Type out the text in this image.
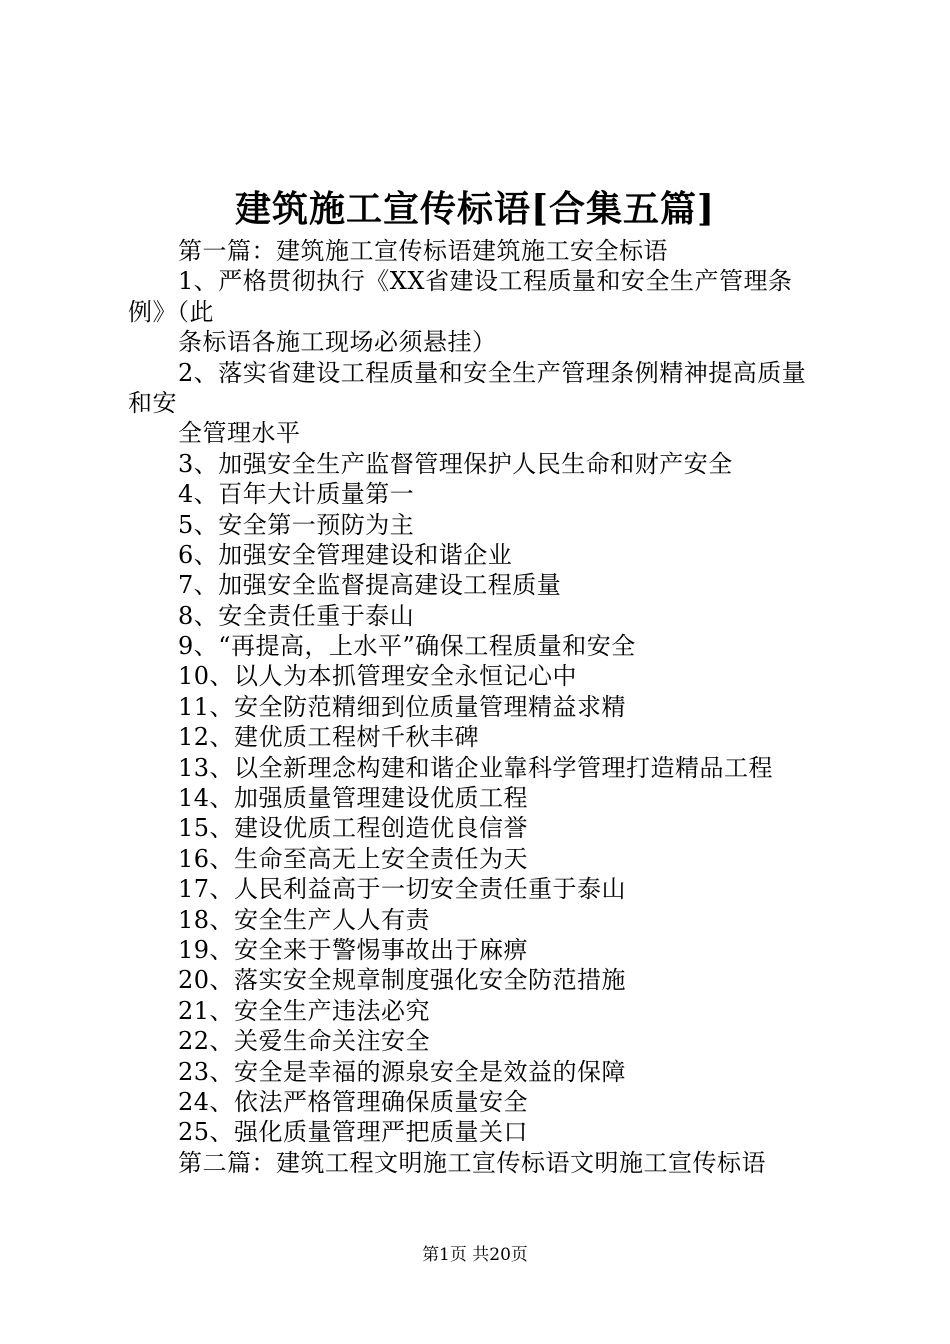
建筑施工宣传标语[合集五篇]
第一篇：建筑施工宣传标语建筑施工安全标语
1、严格贯彻执行《XX省建设工程质量和安全生产管理条
例》（此
条标语各施工现场必须悬挂）
2、落实省建设工程质量和安全生产管理条例精神提高质量
和安
全管理水平
3、加强安全生产监督管理保护人民生命和财产安全
4、百年大计质量第一
5、安全第一预防为主
6、加强安全管理建设和谐企业
7、加强安全监督提高建设工程质量
8、安全责任重于泰山
9、“再提高，上水平”确保工程质量和安全
10、以人为本抓管理安全永恒记心中
11、安全防范精细到位质量管理精益求精
12、建优质工程树千秋丰碑
13、以全新理念构建和谐企业靠科学管理打造精品工程
14、加强质量管理建设优质工程
15、建设优质工程创造优良信誉
16、生命至高无上安全责任为天
17、人民利益高于一切安全责任重于泰山
18、安全生产人人有责
19、安全来于警惕事故出于麻痹
20、落实安全规章制度强化安全防范措施
21、安全生产违法必究
22、关爱生命关注安全
23、安全是幸福的源泉安全是效益的保障
24、依法严格管理确保质量安全
25、强化质量管理严把质量关口
第二篇：建筑工程文明施工宣传标语文明施工宣传标语
第1页 共20页
